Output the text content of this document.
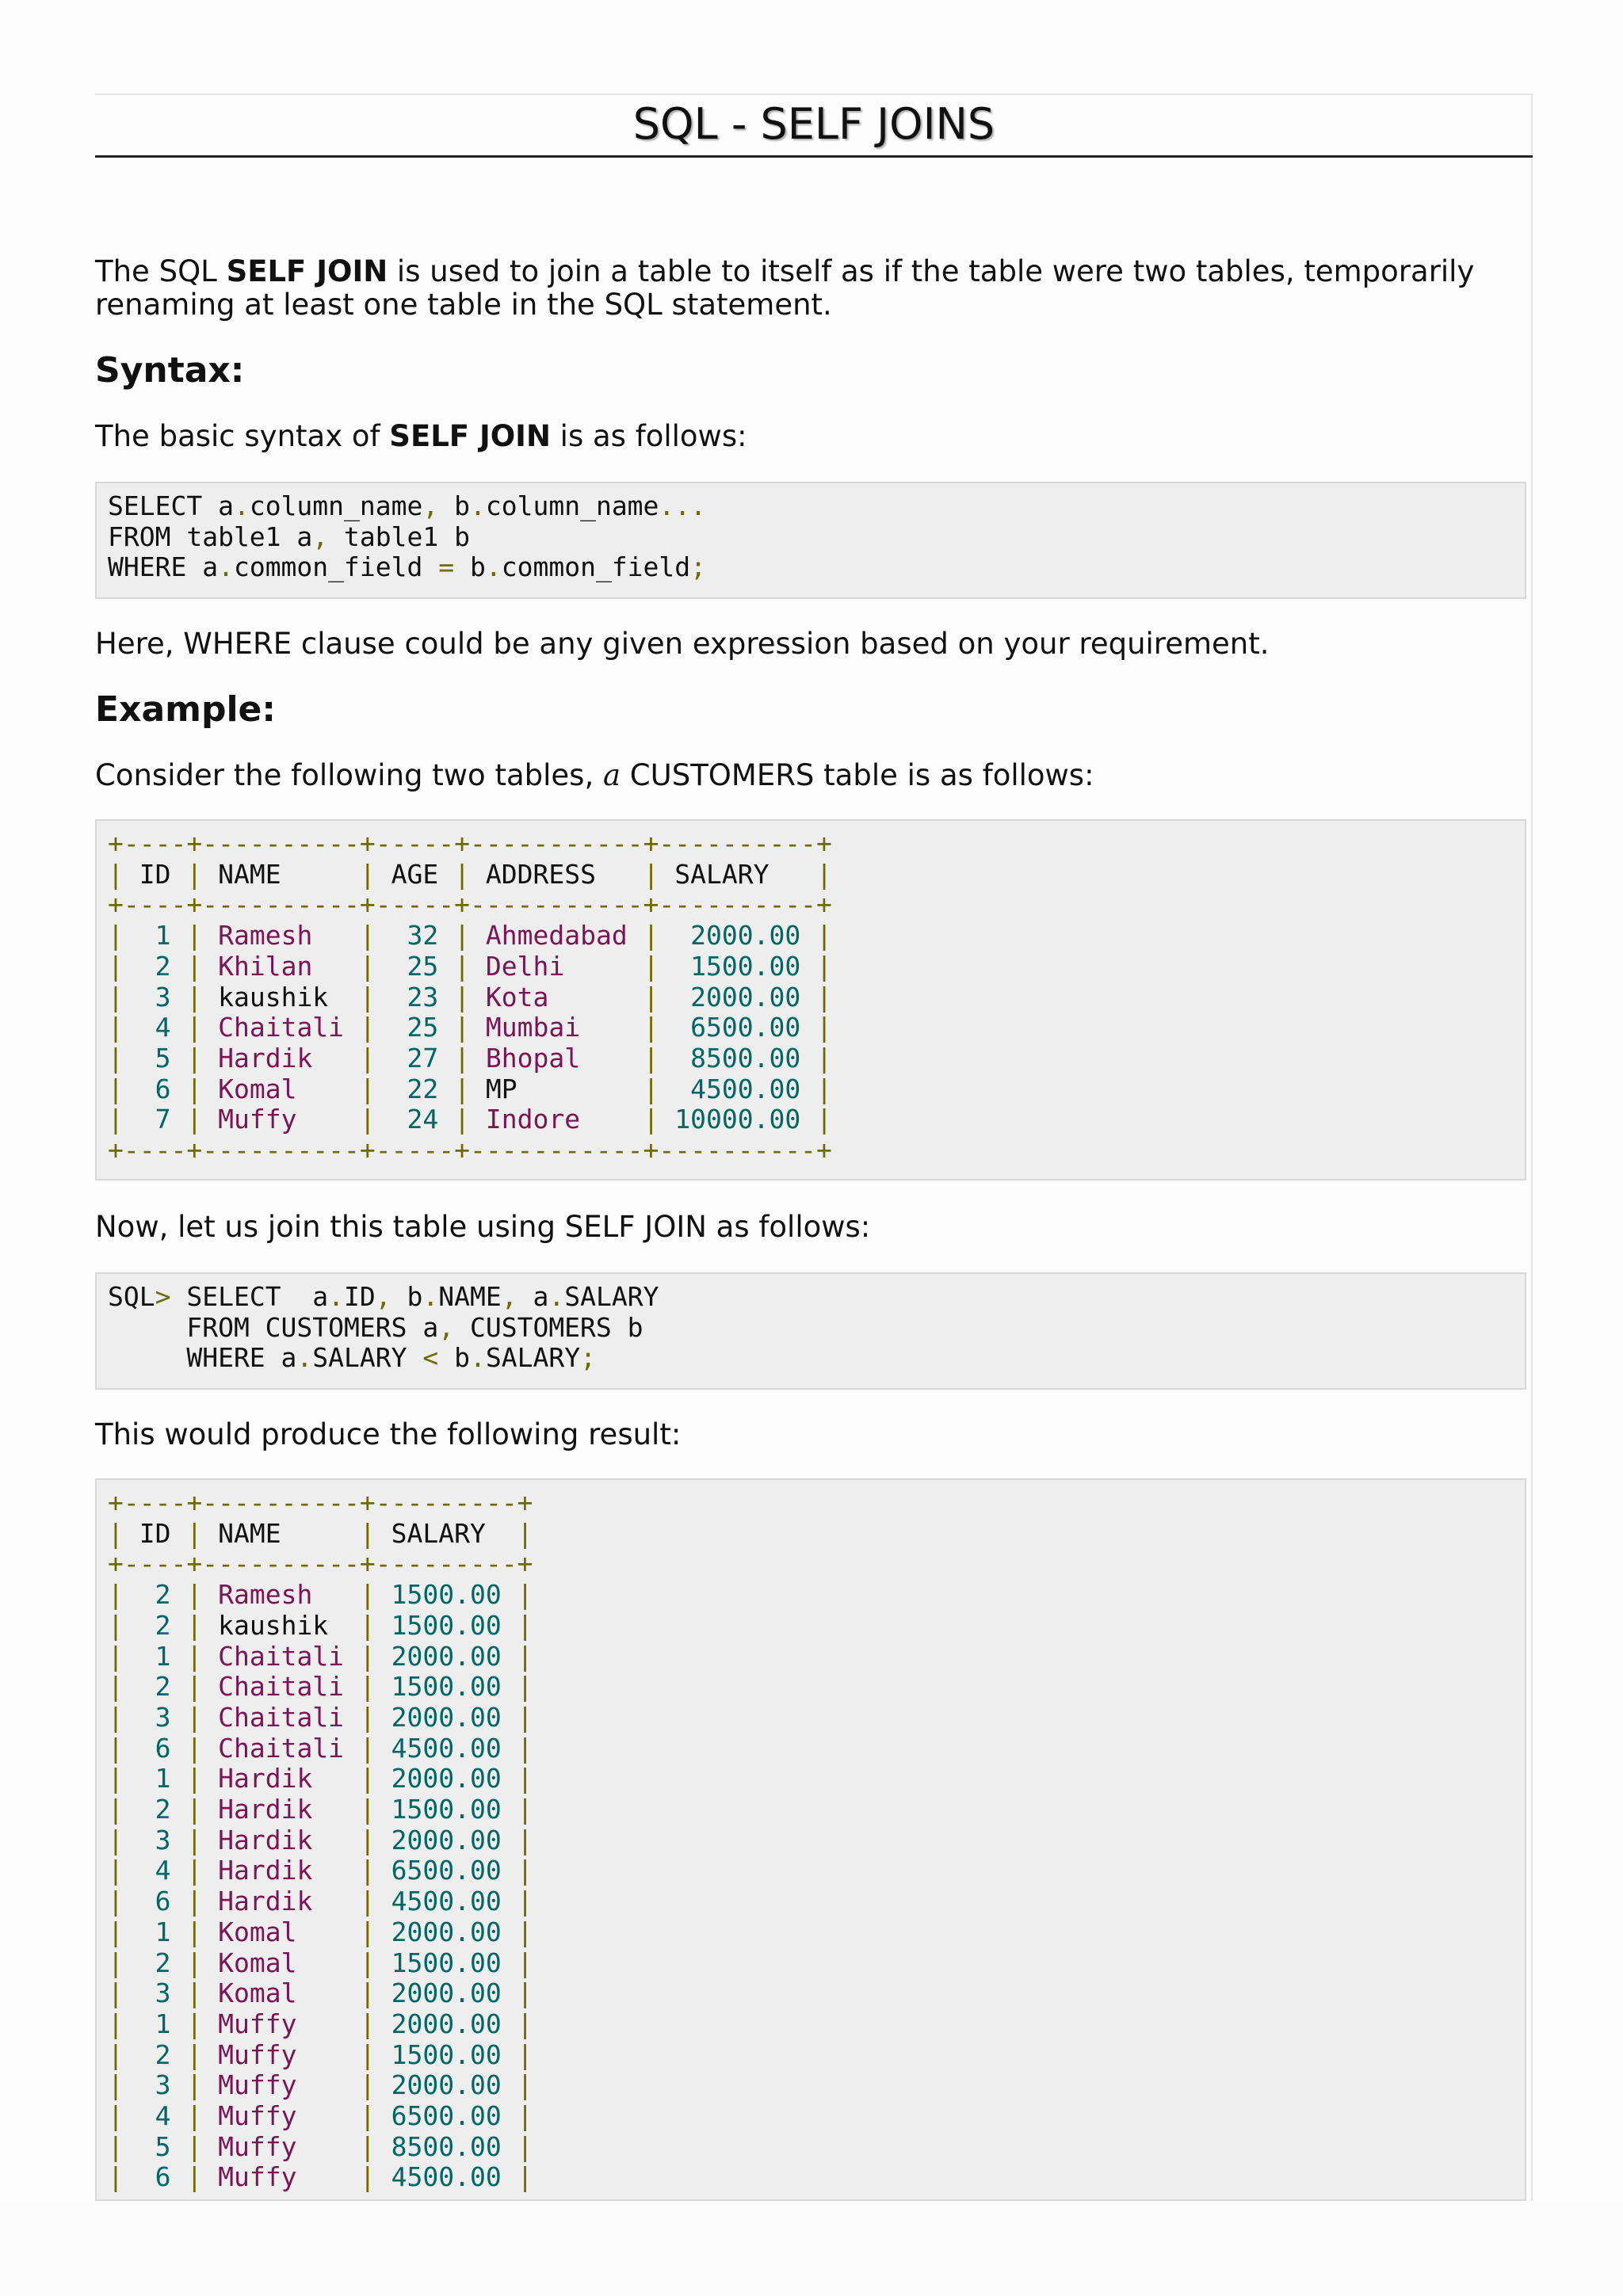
SQL - SELF JOINS

The SQL SELF JOIN is used to join a table to itself as if the table were two tables, temporarily renaming at least one table in the SQL statement.

Syntax:

The basic syntax of SELF JOIN is as follows:

SELECT a.column_name, b.column_name...
FROM table1 a, table1 b
WHERE a.common_field = b.common_field;

Here, WHERE clause could be any given expression based on your requirement.

Example:

Consider the following two tables, a CUSTOMERS table is as follows:

+----+----------+-----+-----------+----------+
| ID | NAME     | AGE | ADDRESS   | SALARY   |
+----+----------+-----+-----------+----------+
|  1 | Ramesh   |  32 | Ahmedabad |  2000.00 |
|  2 | Khilan   |  25 | Delhi     |  1500.00 |
|  3 | kaushik  |  23 | Kota      |  2000.00 |
|  4 | Chaitali |  25 | Mumbai    |  6500.00 |
|  5 | Hardik   |  27 | Bhopal    |  8500.00 |
|  6 | Komal    |  22 | MP        |  4500.00 |
|  7 | Muffy    |  24 | Indore    | 10000.00 |
+----+----------+-----+-----------+----------+

Now, let us join this table using SELF JOIN as follows:

SQL> SELECT  a.ID, b.NAME, a.SALARY
FROM CUSTOMERS a, CUSTOMERS b
WHERE a.SALARY < b.SALARY;

This would produce the following result:

+----+----------+---------+
| ID | NAME     | SALARY  |
+----+----------+---------+
|  2 | Ramesh   | 1500.00 |
|  2 | kaushik  | 1500.00 |
|  1 | Chaitali | 2000.00 |
|  2 | Chaitali | 1500.00 |
|  3 | Chaitali | 2000.00 |
|  6 | Chaitali | 4500.00 |
|  1 | Hardik   | 2000.00 |
|  2 | Hardik   | 1500.00 |
|  3 | Hardik   | 2000.00 |
|  4 | Hardik   | 6500.00 |
|  6 | Hardik   | 4500.00 |
|  1 | Komal    | 2000.00 |
|  2 | Komal    | 1500.00 |
|  3 | Komal    | 2000.00 |
|  1 | Muffy    | 2000.00 |
|  2 | Muffy    | 1500.00 |
|  3 | Muffy    | 2000.00 |
|  4 | Muffy    | 6500.00 |
|  5 | Muffy    | 8500.00 |
|  6 | Muffy    | 4500.00 |
